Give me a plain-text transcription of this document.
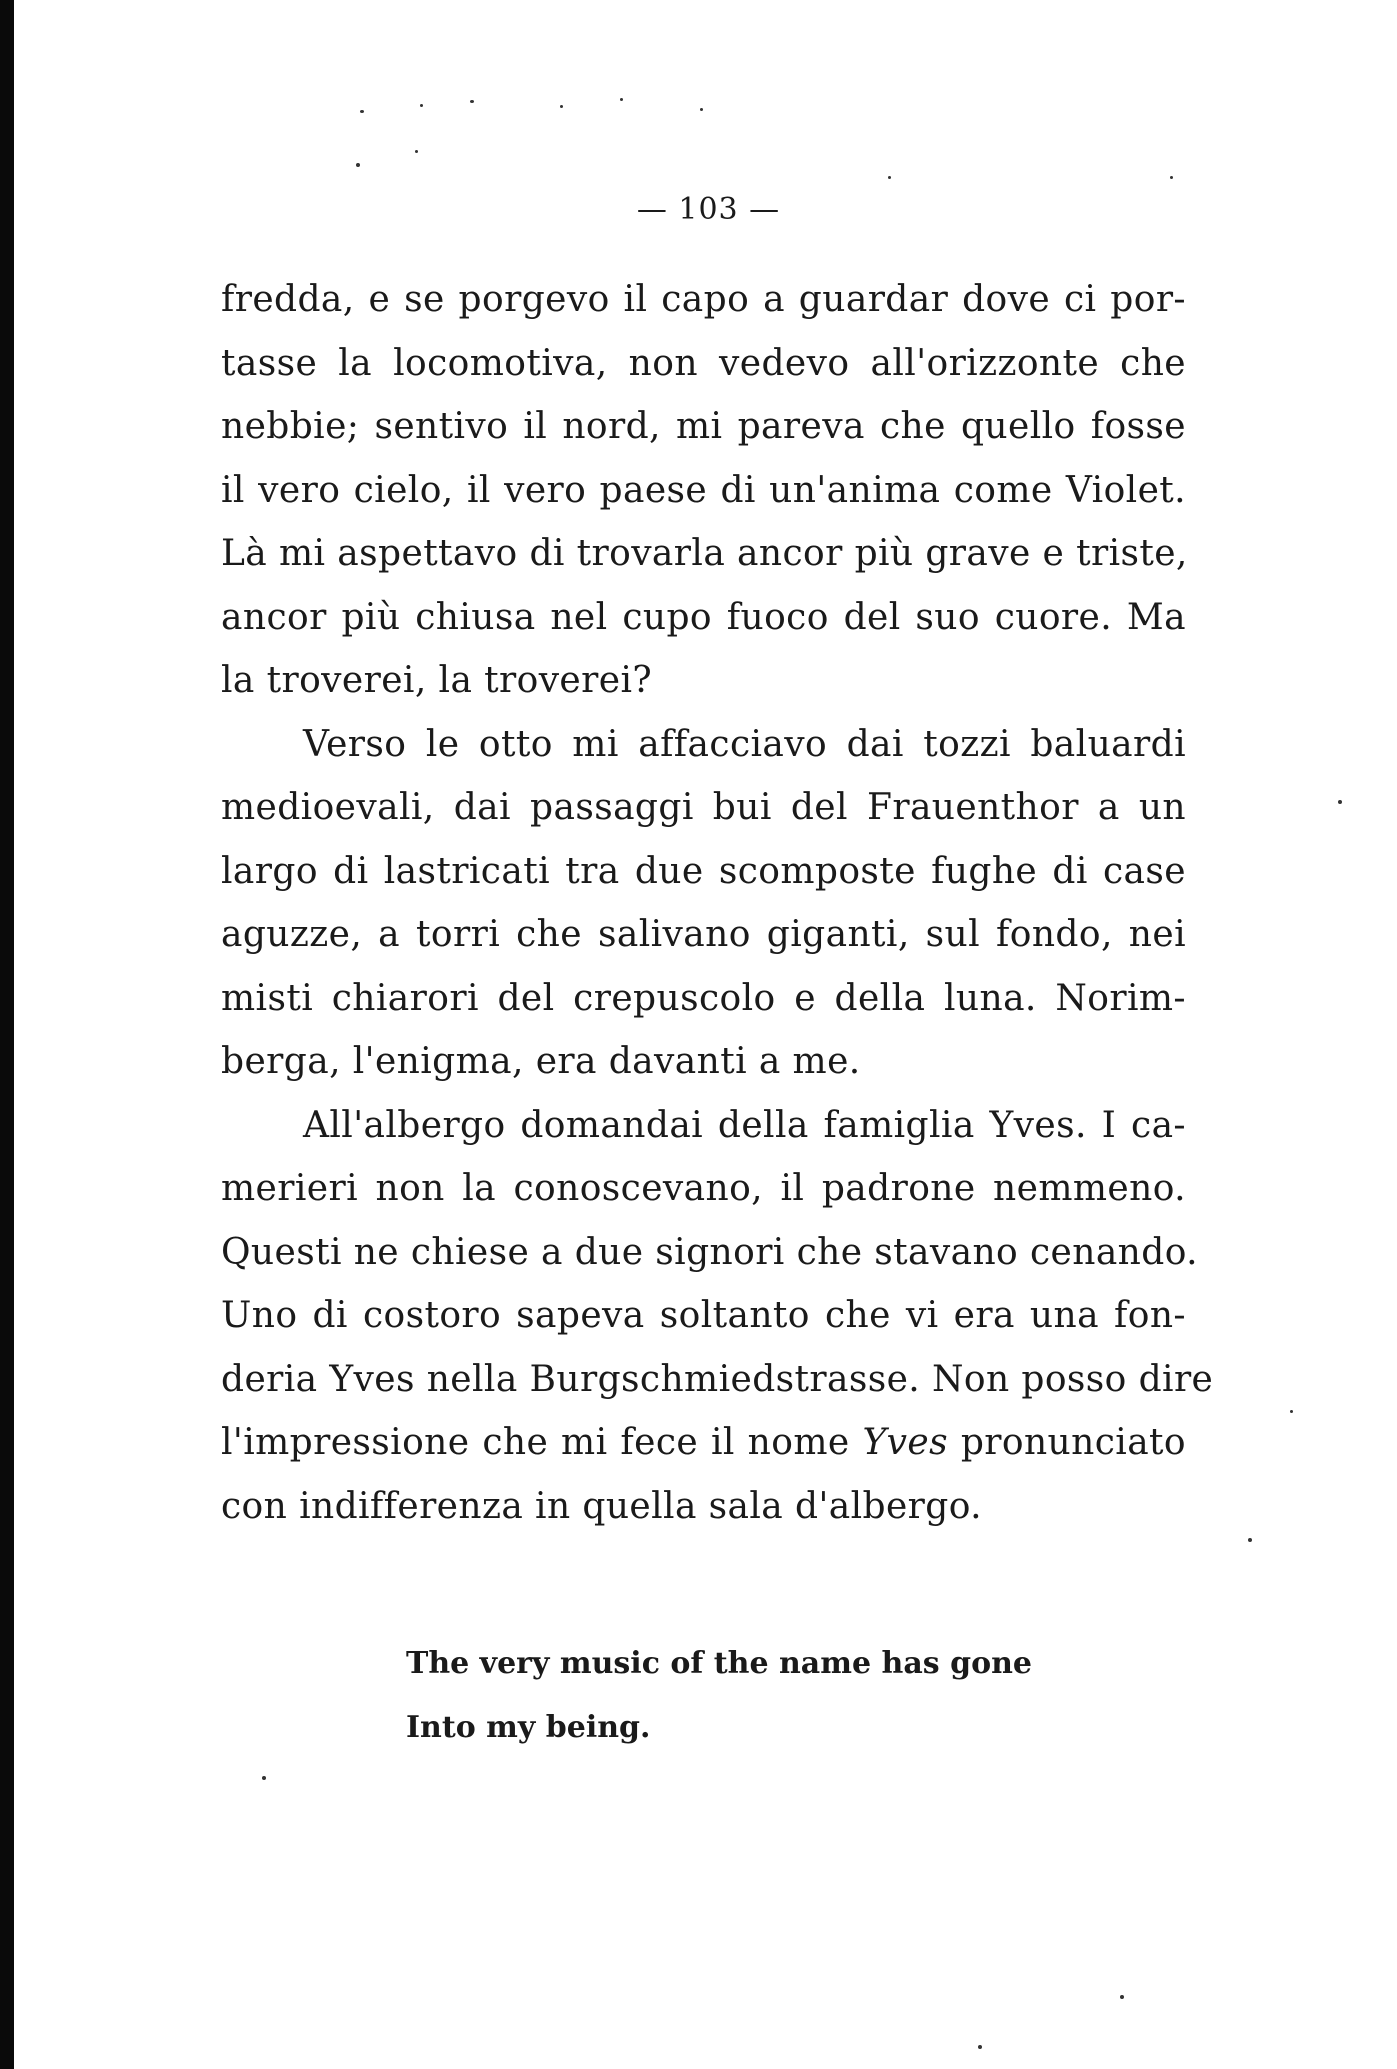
— 103 —
fredda, e se porgevo il capo a guardar dove ci por-
tasse la locomotiva, non vedevo all'orizzonte che
nebbie; sentivo il nord, mi pareva che quello fosse
il vero cielo, il vero paese di un'anima come Violet.
Là mi aspettavo di trovarla ancor più grave e triste,
ancor più chiusa nel cupo fuoco del suo cuore. Ma
la troverei, la troverei?
Verso le otto mi affacciavo dai tozzi baluardi
medioevali, dai passaggi bui del Frauenthor a un
largo di lastricati tra due scomposte fughe di case
aguzze, a torri che salivano giganti, sul fondo, nei
misti chiarori del crepuscolo e della luna. Norim-
berga, l'enigma, era davanti a me.
All'albergo domandai della famiglia Yves. I ca-
merieri non la conoscevano, il padrone nemmeno.
Questi ne chiese a due signori che stavano cenando.
Uno di costoro sapeva soltanto che vi era una fon-
deria Yves nella Burgschmiedstrasse. Non posso dire
l'impressione che mi fece il nome Yves pronunciato
con indifferenza in quella sala d'albergo.
The very music of the name has gone
Into my being.
